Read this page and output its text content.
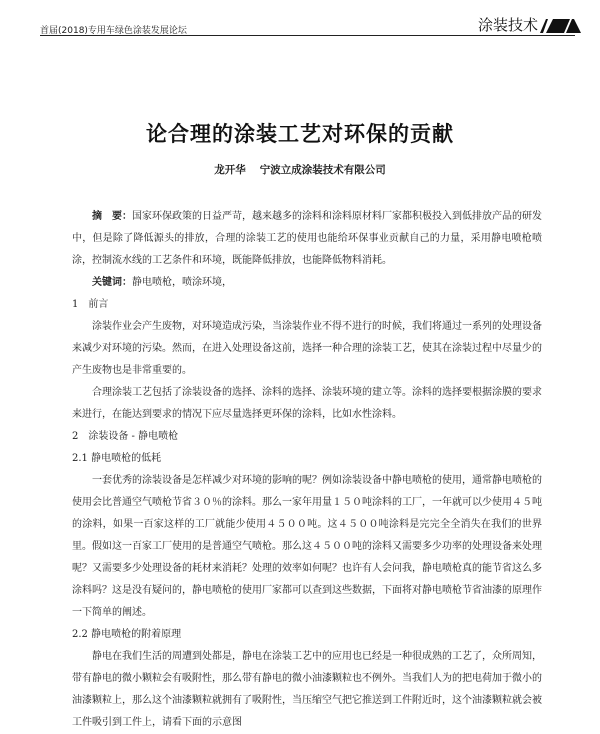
首届(2018)专用车绿色涂装发展论坛	涂装技术
论合理的涂装工艺对环保的贡献
龙开华 宁波立成涂装技术有限公司

摘　要：国家环保政策的日益严苛，越来越多的涂料和涂料原材料厂家都积极投入到低排放产品的研发中，但是除了降低源头的排放，合理的涂装工艺的使用也能给环保事业贡献自己的力量，采用静电喷枪喷涂，控制流水线的工艺条件和环境，既能降低排放，也能降低物料消耗。

关键词：静电喷枪，喷涂环境，

1　前言

涂装作业会产生废物，对环境造成污染，当涂装作业不得不进行的时候，我们将通过一系列的处理设备来减少对环境的污染。然而，在进入处理设备这前，选择一种合理的涂装工艺，使其在涂装过程中尽量少的产生废物也是非常重要的。

合理涂装工艺包括了涂装设备的选择、涂料的选择、涂装环境的建立等。涂料的选择要根据涂膜的要求来进行，在能达到要求的情况下应尽量选择更环保的涂料，比如水性涂料。

2　涂装设备 - 静电喷枪

2.1 静电喷枪的低耗

一套优秀的涂装设备是怎样减少对环境的影响的呢？例如涂装设备中静电喷枪的使用，通常静电喷枪的使用会比普通空气喷枪节省３０％的涂料。那么一家年用量１５０吨涂料的工厂，一年就可以少使用４５吨的涂料，如果一百家这样的工厂就能少使用４５００吨。这４５００吨涂料是完完全全消失在我们的世界里。假如这一百家工厂使用的是普通空气喷枪。那么这４５００吨的涂料又需要多少功率的处理设备来处理呢？又需要多少处理设备的耗材来消耗？处理的效率如何呢？也许有人会问我，静电喷枪真的能节省这么多涂料吗？这是没有疑问的，静电喷枪的使用厂家都可以查到这些数据，下面将对静电喷枪节省油漆的原理作一下简单的阐述。

2.2 静电喷枪的附着原理

静电在我们生活的周遭到处都是，静电在涂装工艺中的应用也已经是一种很成熟的工艺了，众所周知，带有静电的微小颗粒会有吸附性，那么带有静电的微小油漆颗粒也不例外。当我们人为的把电荷加于微小的油漆颗粒上，那么这个油漆颗粒就拥有了吸附性，当压缩空气把它推送到工件附近时，这个油漆颗粒就会被工件吸引到工件上，请看下面的示意图
